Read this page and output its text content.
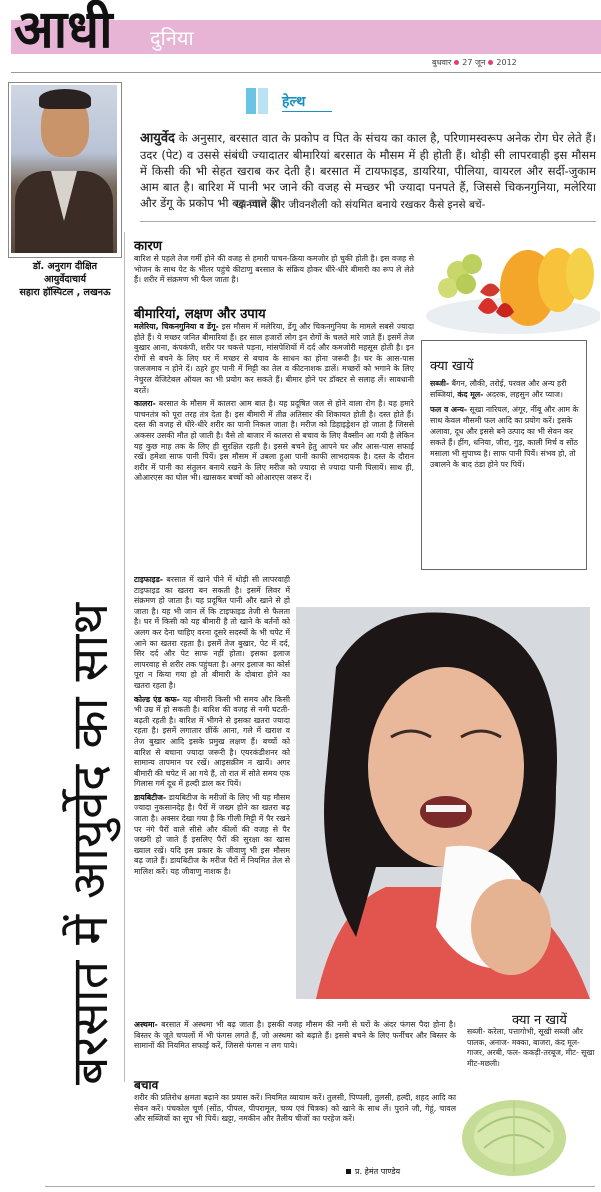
आधी दुनिया
बुधवार 27 जून 2012
डॉ. अनुराग दीक्षित
आयुर्वेदाचार्य
सहारा हॉस्पिटल , लखनऊ
बरसात में आयुर्वेद का साथ
हेल्थ
आयुर्वेद के अनुसार, बरसात वात के प्रकोप व पित के संचय का काल है, परिणामस्वरूप अनेक रोग घेर लेते हैं। उदर (पेट) व उससे संबंधी ज्यादातर बीमारियां बरसात के मौसम में ही होती हैं। थोड़ी सी लापरवाही इस मौसम में किसी की भी सेहत खराब कर देती है। बरसात में टायफाइड, डायरिया, पीलिया, वायरल और सर्दी-जुकाम आम बात है। बारिश में पानी भर जाने की वजह से मच्छर भी ज्यादा पनपते हैं, जिससे चिकनगुनिया, मलेरिया और डेंगू के प्रकोप भी बढ़ जाते हैं।
खानपान और जीवनशैली को संयमित बनाये रखकर कैसे इनसे बचें-
कारण
बारिश से पहले तेज गर्मी होने की वजह से हमारी पाचन-क्रिया कमजोर हो चुकी होती है। इस वजह से भोजन के साथ पेट के भीतर पहुंचे कीटाणु बरसात के संक्रिय होकर धीरे-धीरे बीमारी का रूप ले लेते हैं। शरीर में संक्रमण भी फैल जाता है।
बीमारियां, लक्षण और उपाय

मलेरिया, चिकनगुनिया व डेंगू- इस मौसम में मलेरिया, डेंगू और चिकनगुनिया के मामले सबसे ज्यादा होते हैं। ये मच्छर जनित बीमारियां हैं। हर साल हजारों लोग इन रोगों के चलते मारे जाते हैं। इसमें तेज बुखार आना, कंपकंपी, शरीर पर चकत्ते पड़ना, मांसपेशियों में दर्द और कमजोरी महसूस होती है। इन रोगों से बचने के लिए घर में मच्छर से बचाव के साधन का होना जरूरी है। घर के आस-पास जलजमाव न होने दें। ठहरे हुए पानी में मिट्टी का तेल व कीटनाशक डालें। मच्छरों को भगाने के लिए नेचुरल वेजिटेबल ऑयल का भी प्रयोग कर सकते हैं। बीमार होने पर डॉक्टर से सलाह लें। सावधानी बरतें।

कालरा- बरसात के मौसम में कालरा आम बात है। यह प्रदूषित जल से होने वाला रोग है। यह हमारे पाचनतंत्र को पूरा तरह तंत्र देता है। इस बीमारी में तीव्र अतिसार की शिकायत होती है। दस्त होते हैं। दस्त की वजह से धीरे-धीरे शरीर का पानी निकल जाता है। मरीज को डिहाइड्रेशन हो जाता है जिससे अकसर उसकी मौत हो जाती है। वैसे तो बाजार में कालरा से बचाव के लिए वैक्सीन आ गयी है लेकिन यह कुछ माह तक के लिए ही सुरक्षित रहती है। इससे बचने हेतु आपने घर और आस-पास सफाई रखें। हमेशा साफ पानी पियें। इस मौसम में उबला हुआ पानी काफी लाभदायक है। दस्त के दौरान शरीर में पानी का संतुलन बनाये रखने के लिए मरीज को ज्यादा से ज्यादा पानी पिलायें। साथ ही, ओआरएस का घोल भी। खासकर बच्चों को ओआरएस जरूर दें।

टाइफाइड- बरसात में खाने पीने में थोड़ी सी लापरवाही टाइफाइड का खतरा बन सकती है। इसमें लिवर में संक्रमण हो जाता है। यह प्रदूषित पानी और खाने से हो जाता है। यह भी जान लें कि टाइफाइड तेजी से फैलता है। घर में किसी को यह बीमारी है तो खाने के बर्तनों को अलग कर देना चाहिए वरना दूसरे सदस्यों के भी चपेट में आने का खतरा रहता है। इसमें तेज बुखार, पेट में दर्द, सिर दर्द और पेट साफ नहीं होता। इसका इलाज लापरवाह से शरीर तक पहुंचता है। अगर इलाज का कोर्स पूरा न किया गया हो तो बीमारी के दोबारा होने का खतरा रहता है।

कोल्ड एंड कफ- यह बीमारी किसी भी समय और किसी भी उम्र में हो सकती है। बारिश की वजह से नमी घटती-बढ़ती रहती है। बारिश में भीगने से इसका खतरा ज्यादा रहता है। इसमें लगातार छींकें आना, गले में खराश व तेज बुखार आदि इसके प्रमुख लक्षण हैं। बच्चों को बारिश से बचाना ज्यादा जरूरी है। एयरकंडीशनर को सामान्य तापमान पर रखें। आइसक्रीम न खायें। अगर बीमारी की चपेट में आ गये हैं, तो रात में सोते समय एक गिलास गर्म दूध में हल्दी डाल कर पियें।

डायबिटीज- डायबिटीज के मरीजों के लिए भी यह मौसम ज्यादा नुकसानदेह है। पैरों में जख्म होने का खतरा बढ़ जाता है। अक्सर देखा गया है कि गीली मिट्टी में पैर रखने पर नंगे पैरों वाले सीसे और कीलों की वजह से पैर जख्मी हो जाते हैं इसलिए पैरों की सुरक्षा का खास ख्याल रखें। यदि इस प्रकार के जीवाणु भी इस मौसम बढ़ जाते हैं। डायबिटीज के मरीज पैरों में नियमित तेल से मालिश करें। यह जीवाणु नाशक है।

अस्थमा- बरसात में अस्थमा भी बढ़ जाता है। इसकी वजह मौसम की नमी से घरों के अंदर फंगस पैदा होना है। बिस्तर के जूते चप्पलों में भी फंगस लगते हैं, जो अस्थमा को बढ़ाते हैं। इससे बचने के लिए फर्नीचर और बिस्तर के सामानों की नियमित सफाई करें, जिससे फंगस न लग पाये।
बचाव
शरीर की प्रतिरोध क्षमता बढ़ाने का प्रयास करें। नियमित व्यायाम करें। तुलसी, पिप्पली, तुलसी, हल्दी, शहद आदि का सेवन करें। पंचकोल चूर्ण (सोंठ, पीपल, पीपरामूल, चव्य एवं चित्रक) को खाने के साथ लें। पुराने जौ, गेहूं, चावल और सब्जियों का सूप भी पियें। खट्टा, नमकीन और तैलीय चीजों का परहेज करें।
क्या खायें

सब्जी- बैंगन, लौकी, तरोई, परवल और अन्य हरी सब्जियां, कंद मूल- अदरक, लहसुन और प्याज।

फल व अन्य- सूखा नारियल, अंगूर, नींबू और आम के साथ केवल मौसमी फल आदि का प्रयोग करें। इसके अलावा, दूध और इससे बने उत्पाद का भी सेवन कर सकते हैं। हींग, धनिया, जीरा, गुड़, काली मिर्च व सोंठ मसाला भी सुपाच्य है। साफ पानी पियें। संभव हो, तो उबालने के बाद ठंडा होने पर पियें।

क्या न खायें
सब्जी- करेला, पत्तागोभी, सूखी सब्जी और पालक, अनाज- मक्का, बाजरा, कंद मूल- गाजर, अरबी, फल- ककड़ी-तरबूज, मीट- सूखा मीट-मछली।
प्र. हेमंत पाण्डेय
